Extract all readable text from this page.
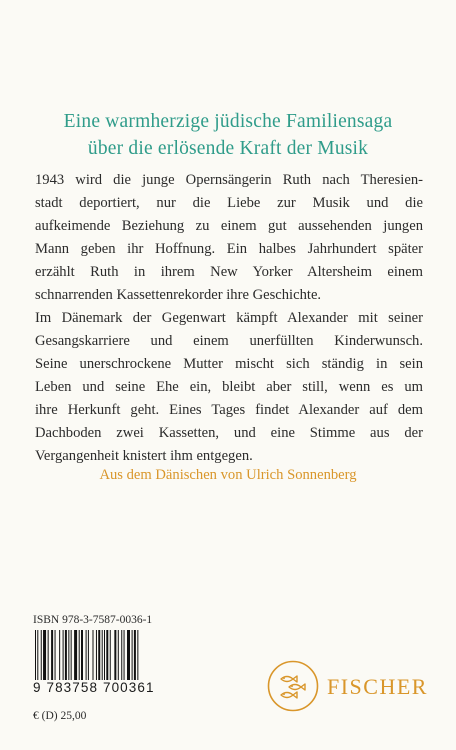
Eine warmherzige jüdische Familiensaga
über die erlösende Kraft der Musik
1943 wird die junge Opernsängerin Ruth nach Theresien-
stadt deportiert, nur die Liebe zur Musik und die
aufkeimende Beziehung zu einem gut aussehenden jungen
Mann geben ihr Hoffnung. Ein halbes Jahrhundert später
erzählt Ruth in ihrem New Yorker Altersheim einem
schnarrenden Kassettenrekorder ihre Geschichte.
Im Dänemark der Gegenwart kämpft Alexander mit seiner
Gesangskarriere und einem unerfüllten Kinderwunsch.
Seine unerschrockene Mutter mischt sich ständig in sein
Leben und seine Ehe ein, bleibt aber still, wenn es um
ihre Herkunft geht. Eines Tages findet Alexander auf dem
Dachboden zwei Kassetten, und eine Stimme aus der
Vergangenheit knistert ihm entgegen.
Aus dem Dänischen von Ulrich Sonnenberg
ISBN 978-3-7587-0036-1
9 783758 700361
€ (D) 25,00
FISCHER
